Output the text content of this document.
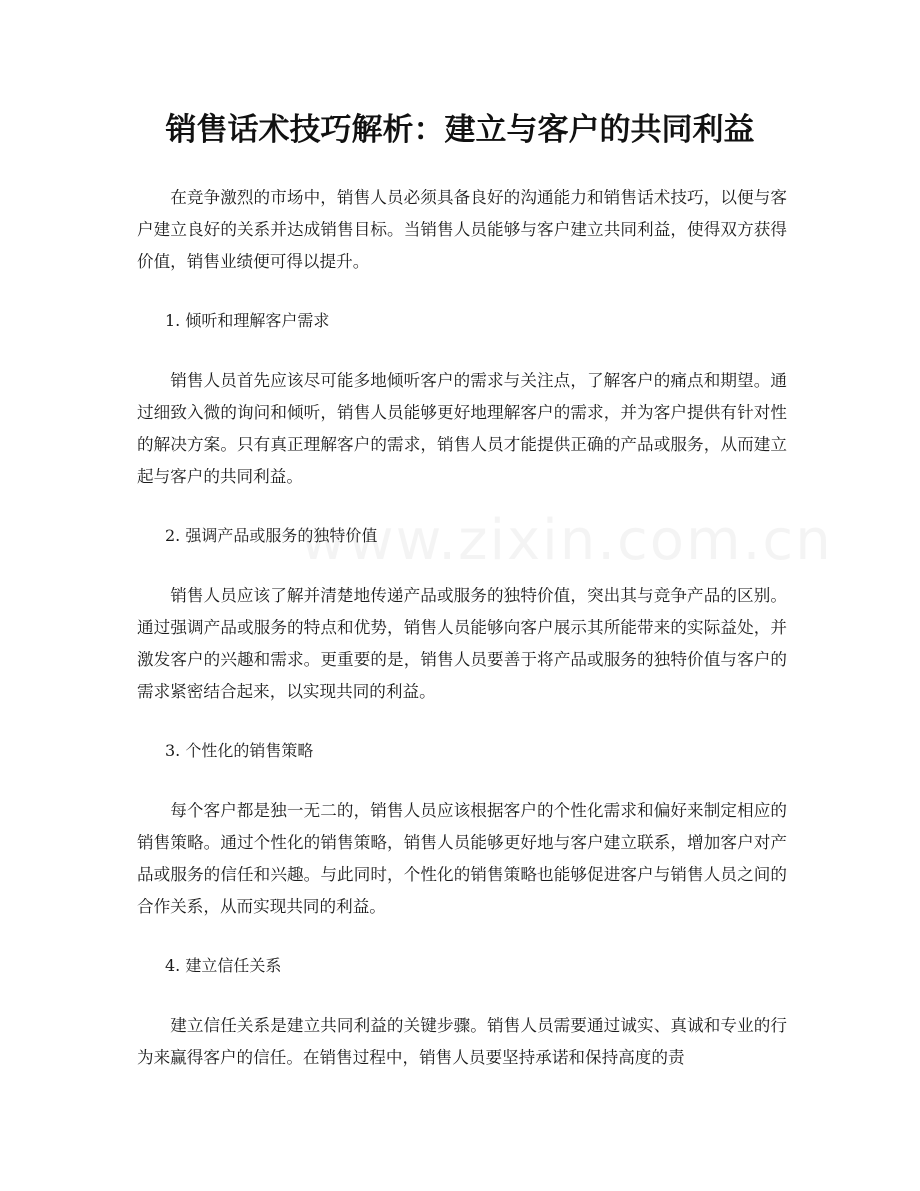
销售话术技巧解析：建立与客户的共同利益

在竞争激烈的市场中，销售人员必须具备良好的沟通能力和销售话术技巧，以便与客户建立良好的关系并达成销售目标。当销售人员能够与客户建立共同利益，使得双方获得价值，销售业绩便可得以提升。

1. 倾听和理解客户需求

销售人员首先应该尽可能多地倾听客户的需求与关注点，了解客户的痛点和期望。通过细致入微的询问和倾听，销售人员能够更好地理解客户的需求，并为客户提供有针对性的解决方案。只有真正理解客户的需求，销售人员才能提供正确的产品或服务，从而建立起与客户的共同利益。

2. 强调产品或服务的独特价值

销售人员应该了解并清楚地传递产品或服务的独特价值，突出其与竞争产品的区别。通过强调产品或服务的特点和优势，销售人员能够向客户展示其所能带来的实际益处，并激发客户的兴趣和需求。更重要的是，销售人员要善于将产品或服务的独特价值与客户的需求紧密结合起来，以实现共同的利益。

3. 个性化的销售策略

每个客户都是独一无二的，销售人员应该根据客户的个性化需求和偏好来制定相应的销售策略。通过个性化的销售策略，销售人员能够更好地与客户建立联系，增加客户对产品或服务的信任和兴趣。与此同时，个性化的销售策略也能够促进客户与销售人员之间的合作关系，从而实现共同的利益。

4. 建立信任关系

建立信任关系是建立共同利益的关键步骤。销售人员需要通过诚实、真诚和专业的行为来赢得客户的信任。在销售过程中，销售人员要坚持承诺和保持高度的责
